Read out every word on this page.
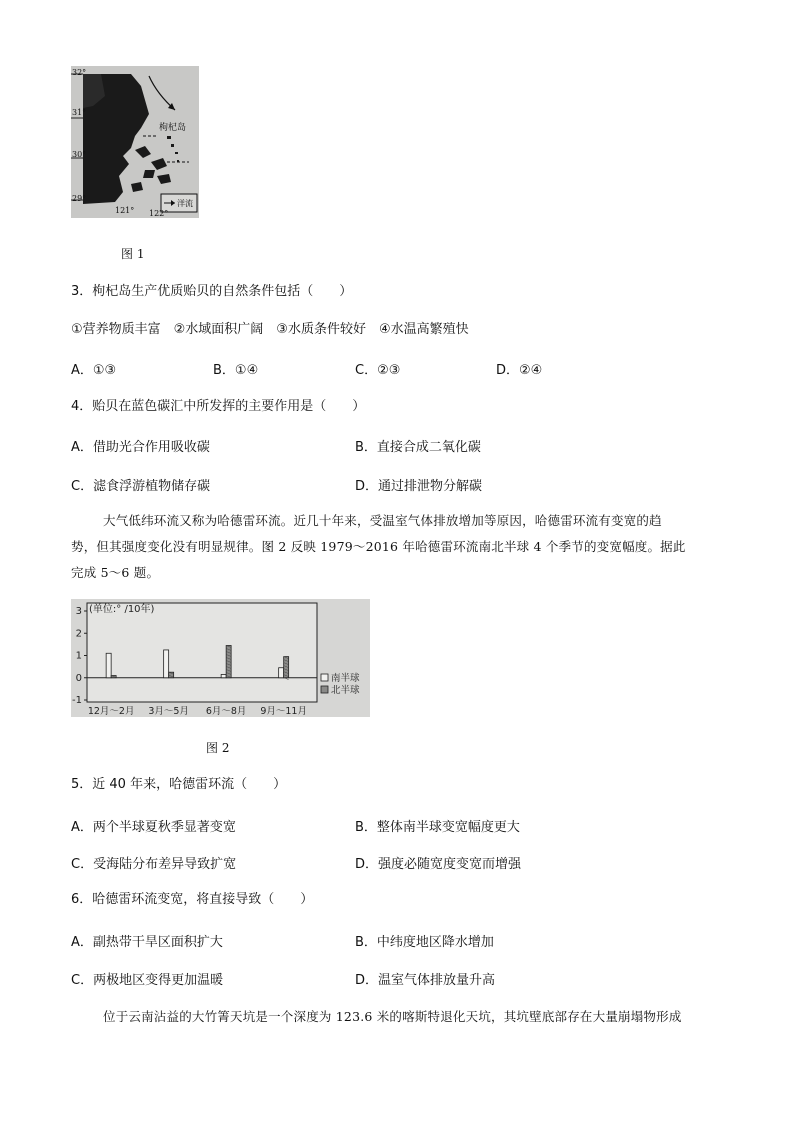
32°
31°
30°
29°
121° 122°
枸杞岛
洋流
图 1
3．枸杞岛生产优质贻贝的自然条件包括（　　）
①营养物质丰富　②水域面积广阔　③水质条件较好　④水温高繁殖快
A．①③	B．①④	C．②③	D．②④
4．贻贝在蓝色碳汇中所发挥的主要作用是（　　）
A．借助光合作用吸收碳	B．直接合成二氧化碳
C．滤食浮游植物储存碳	D．通过排泄物分解碳
大气低纬环流又称为哈德雷环流。近几十年来，受温室气体排放增加等原因，哈德雷环流有变宽的趋
势，但其强度变化没有明显规律。图 2 反映 1979～2016 年哈德雷环流南北半球 4 个季节的变宽幅度。据此
完成 5～6 题。
3
2
1
0
-1
12月～2月 3月～5月 6月～8月 9月～11月
南半球
北半球
(单位:° /10年)
图 2
5．近 40 年来，哈德雷环流（　　）
A．两个半球夏秋季显著变宽	B．整体南半球变宽幅度更大
C．受海陆分布差异导致扩宽	D．强度必随宽度变宽而增强
6．哈德雷环流变宽，将直接导致（　　）
A．副热带干旱区面积扩大	B．中纬度地区降水增加
C．两极地区变得更加温暖	D．温室气体排放量升高
位于云南沾益的大竹箐天坑是一个深度为 123.6 米的喀斯特退化天坑，其坑壁底部存在大量崩塌物形成
